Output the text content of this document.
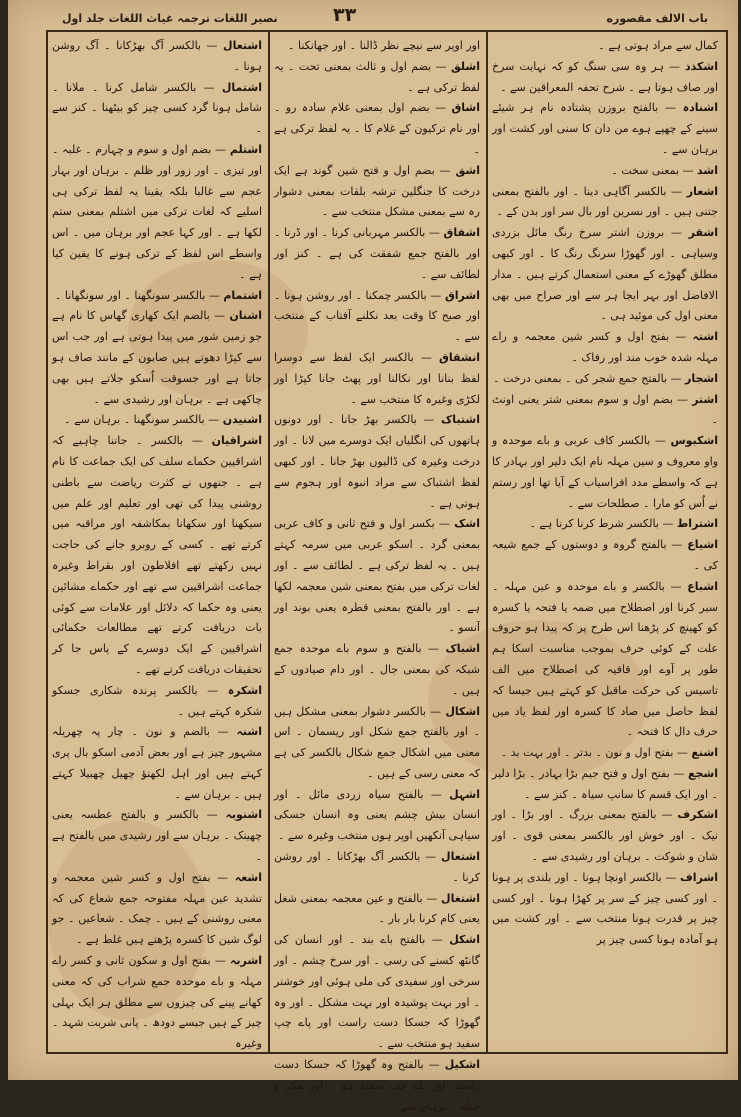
باب الالف مقصوره
۳۳
نصیر اللغات ترجمہ غیاث اللغات جلد اول

کمال سے مراد ہوتی ہے ۔

اشکذذ — ہر وہ سی سنگ کو کہ نہایت سرخ اور صاف ہوتا ہے ۔ شرح تحفہ المعراقین سے ۔

اشنادہ — بالفتح بروزن پشتادہ نام ہر شیئے سینے کے چھپے ہوے من دان کا سنی اور کشت اور برہان سے ۔

اشد — بمعنی سخت ۔

اشعار — بالکسر آگاہی دینا ۔ اور بالفتح بمعنی جتنی ہیں ۔ اور نسرین اور بال سر اور بدن کے ۔

اشقر — بروزن اشتر سرخ رنگ مائل بزردی وسیاہی ۔ اور گھوڑا سرنگ رنگ کا ۔ اور کبھی مطلق گھوڑے کے معنی استعمال کرتے ہیں ۔ مدار الافاضل اور بہر ایجا ہر سے اور صراح میں بھی معنی اول کی موئید ہی ۔

اشتہ — بفتح اول و کسر شین معجمہ و راے مہلہ شدہ خوب مند اور رفاک ۔

اشجار — بالفتح جمع شجر کی ۔ بمعنی درخت ۔

اشتر — بضم اول و سوم بمعنی شتر یعنی اونٹ ۔

اشکبوس — بالکسر کاف عربی و باے موحدہ و واو معروف و سین مہلہ نام ایک دلیر اور بہادر کا ہے کہ واسطے مدد افراسیاب کے آیا تھا اور رستم نے اُس کو مارا ۔ صطلحات سے ۔

اشتراط — بالکسر شرط کرنا کرنا ہے ۔

اشیاع — بالفتح گروہ و دوستوں کے جمع شیعہ کی ۔

اشباع — بالکسر و باے موحدہ و عین مہلہ ۔ سیر کرنا اور اصطلاح میں ضمہ یا فتحہ یا کسرہ کو کھینچ کر پڑھنا اس طرح پر کہ پیدا ہو حروف علت کے کوئی حرف بموجب مناسبت اسکا ہم طور پر آوے اور قافیہ کی اصطلاح میں الف تاسیس کی حرکت ماقبل کو کہتے ہیں جیسا کہ لفظ حاصل میں صاد کا کسرہ اور لفظ یاد میں حرف دال کا فتحہ ۔

اشنع — بفتح اول و نون ۔ بدتر ۔ اور بہت بد ۔

اشجع — بفتح اول و فتح جیم بڑا بہادر ۔ بڑا دلیر ۔ اور ایک قسم کا سانپ سیاہ ۔ کنز سے ۔

اشکرف — بالفتح بمعنی بزرگ ۔ اور بڑا ۔ اور نیک ۔ اور خوش اور بالکسر بمعنی قوی ۔ اور شان و شوکت ۔ برہان اور رشیدی سے ۔

اشراف — بالکسر اونچا ہونا ۔ اور بلندی پر ہونا ۔ اور کسی چیز کے سر پر کھڑا ہونا ۔ اور کسی چیز پر قدرت ہونا منتخب سے ۔ اور کشت میں ہو آمادہ ہونا کسی چیز پر

اور اوپر سے نیچے نظر ڈالنا ۔ اور جھانکنا ۔

اشلق — بضم اول و ثالث بمعنی تحت ۔ یہ لفظ ترکی ہے ۔

اشاق — بضم اول بمعنی غلام سادہ رو ۔ اور نام ترکیون کے غلام کا ۔ یہ لفظ ترکی ہے ۔

اشق — بضم اول و فتح شین گوند ہے ایک درخت کا جنگلین ترشہ بلقات بمعنی دشوار رہ سے بمعنی مشکل منتخب سے ۔

اشفاق — بالکسر مہربانی کرنا ۔ اور ڈرنا ۔ اور بالفتح جمع شفقت کی ہے ۔ کنز اور لطائف سے ۔

اشراق — بالکسر چمکنا ۔ اور روشن ہونا ۔ اور صبح کا وقت بعد نکلنے آفتاب کے منتخب سے ۔

انشقاق — بالکسر ایک لفظ سے دوسرا لفظ بنانا اور نکالنا اور پھٹ جانا کپڑا اور لکڑی وغیرہ کا منتخب سے ۔

اشتباک — بالکسر بھڑ جانا ۔ اور دونوں ہاتھوں کی انگلیاں ایک دوسرے میں لانا ۔ اور درخت وغیرہ کی ڈالیوں بھڑ جانا ۔ اور کبھی لفظ اشتباک سے مراد انبوہ اور ہجوم سے ہوتی ہے ۔

اشک — بکسر اول و فتح ثانی و کاف عربی بمعنی گرد ۔ اسکو عربی میں سرمہ کہتے ہیں ۔ یہ لفظ ترکی ہے ۔ لطائف سے ۔ اور لغات ترکی میں بفتح بمعنی شین معجمہ لکھا ہے ۔ اور بالفتح بمعنی قطرہ یعنی بوند اور آنسو ۔

اشباک — بالفتح و سوم باے موحدہ جمع شبکہ کی بمعنی جال ۔ اور دام صیادوں کے ہیں ۔

اشکال — بالکسر دشوار بمعنی مشکل ہیں ۔ اور بالفتح جمع شکل اور ریسمان ۔ اس معنی میں اشکال جمع شکال بالکسر کی ہے کہ معنی رسی کے ہیں ۔

اشہل — بالفتح سیاہ زردی مائل ۔ اور انسان بیش چشم یعنی وہ انسان جسکی سیاہی آنکھیں اوپر ہوں منتخب وغیرہ سے ۔

اشتعال — بالکسر آگ بھڑکانا ۔ اور روشن کرنا ۔

اشتغال — بالفتح و عین معجمہ بمعنی شغل یعنی کام کرنا بار بار ۔

اشکل — بالفتح باے بند ۔ اور انسان کی گانٹھ کسنے کی رسی ۔ اور سرخ چشم ۔ اور سرخی اور سفیدی کی ملی ہوئی اور خوشتر ۔ اور بہت پوشیدہ اور بہت مشکل ۔ اور وہ گھوڑا کہ جسکا دست راست اور پاے چپ سفید ہو منتخب سے ۔

اشکیل — بالفتح وہ گھوڑا کہ جسکا دست راست اور پاے چپ سفید ہو ۔ اور مکر و حیلہ ۔ برہان سے ۔

اشتعال — بالکسر آگ بھڑکانا ۔ آگ روشن ہونا ۔

اشتمال — بالکسر شامل کرنا ۔ ملانا ۔ شامل ہونا گرد کسی چیز کو بیٹھنا ۔ کنز سے ۔

اشتلم — بضم اول و سوم و چہارم ۔ غلبہ ۔ اور تیزی ۔ اور زور اور ظلم ۔ برہان اور بہار عجم سے غالبا بلکہ یقینا یہ لفظ ترکی ہی اسلیے کہ لغات ترکی میں اشتلم بمعنی ستم لکھا ہے ۔ اور کہا عجم اور برہان میں ۔ اس واسطے اس لفظ کے ترکی ہونے کا یقین کیا ہے ۔

اشتمام — بالکسر سونگھنا ۔ اور سونگھانا ۔

اشنان — بالضم ایک کھاری گھاس کا نام ہے جو زمین شور میں پیدا ہوتی ہے اور جب اس سے کپڑا دھوتے ہیں صابون کے مانند صاف ہو جاتا ہے اور جسوقت اُسکو جلاتے ہیں بھی چاکھی ہے ۔ برہان اور رشیدی سے ۔

اشنیدن — بالکسر سونگھنا ۔ برہان سے ۔

اشراقیان — بالکسر ۔ جاننا چاہیے کہ اشراقیین حکماے سلف کی ایک جماعت کا نام ہے ۔ جنھوں نے کثرت ریاضت سے باطنی روشنی پیدا کی تھی اور تعلیم اور علم میں سیکھنا اور سکھانا بمکاشفہ اور مراقبہ میں کرتے تھے ۔ کسی کے روبرو جانے کی حاجت نہیں رکھتے تھے افلاطون اور بقراط وغیرہ جماعت اشراقیین سے تھے اور حکماے مشائین یعنی وہ حکما کہ دلائل اور علامات سے کوئی بات دریافت کرتے تھے مطالعات حکمائی اشراقیین کے ایک دوسرے کے پاس جا کر تحقیقات دریافت کرتے تھے ۔

اشکرہ — بالکسر پرندہ شکاری جسکو شکرہ کہتے ہیں ۔

اشنہ — بالضم و نون ۔ چار پہ چھریلہ مشہور چیز ہے اور بعض آدمی اسکو بال پری کہتے ہیں اور اہل لکھنؤ چھیل چھبیلا کہتے ہیں ۔ برہان سے ۔

اشنوبہ — بالکسر و بالفتح عطسہ یعنی چھینک ۔ برہان سے اور رشیدی میں بالفتح ہے ۔

اشعہ — بفتح اول و کسر شین معجمہ و تشدید عین مہلہ مفتوحہ جمع شعاع کی کہ معنی روشنی کے ہیں ۔ چمک ۔ شعاعیں ۔ جو لوگ شین کا کسرہ پڑھتے ہیں غلط ہے ۔

اشربہ — بفتح اول و سکون ثانی و کسر راے مہلہ و باے موحدہ جمع شراب کی کہ معنی کھانے پینے کی چیزوں سے مطلق ہر ایک بہلی چیز کے ہیں جیسے دودھ ۔ پانی شربت شہد ۔ وغیرہ
